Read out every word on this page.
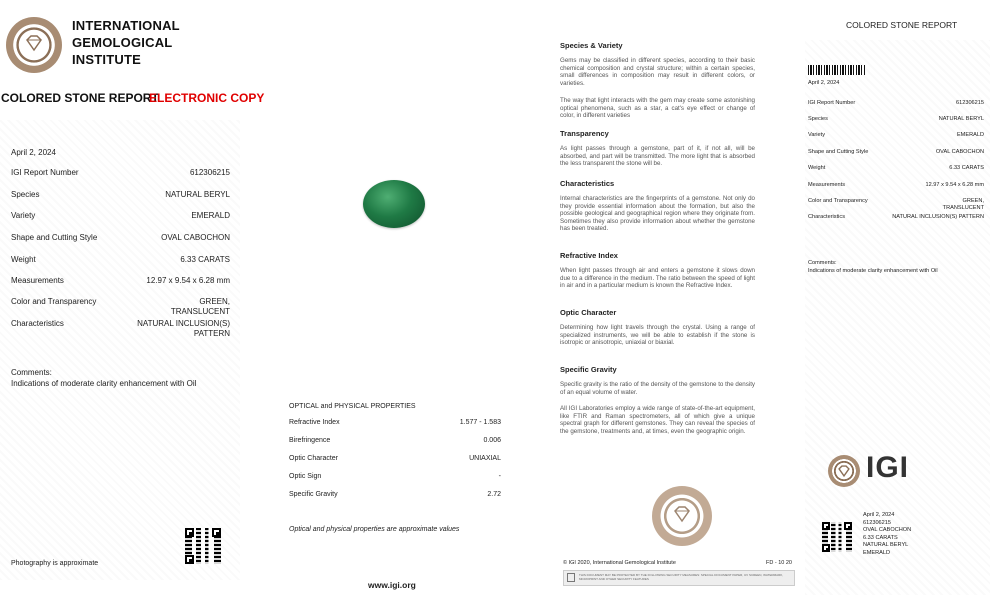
INTERNATIONAL
GEMOLOGICAL
INSTITUTE
COLORED STONE REPORT
ELECTRONIC COPY
April 2, 2024
IGI Report Number	612306215
Species	NATURAL BERYL
Variety	EMERALD
Shape and Cutting Style	OVAL CABOCHON
Weight	6.33 CARATS
Measurements	12.97 x 9.54 x 6.28 mm
Color and Transparency	GREEN,
TRANSLUCENT
Characteristics	NATURAL INCLUSION(S)
PATTERN
Comments:
Indications of moderate clarity enhancement with Oil
Photography is approximate
OPTICAL and PHYSICAL PROPERTIES
Refractive Index	1.577 - 1.583
Birefringence	0.006
Optic Character	UNIAXIAL
Optic Sign	-
Specific Gravity	2.72
Optical and physical properties are approximate values
www.igi.org
Species & Variety
Gems may be classified in different species, according to their basic chemical composition and crystal structure; within a certain species, small differences in composition may result in different colors, or varieties.
The way that light interacts with the gem may create some astonishing optical phenomena, such as a star, a cat's eye effect or change of color, in different varieties
Transparency
As light passes through a gemstone, part of it, if not all, will be absorbed, and part will be transmitted. The more light that is absorbed the less transparent the stone will be.
Characteristics
Internal characteristics are the fingerprints of a gemstone. Not only do they provide essential information about the formation, but also the possible geological and geographical region where they originate from. Sometimes they also provide information about whether the gemstone has been treated.
Refractive Index
When light passes through air and enters a gemstone it slows down due to a difference in the medium. The ratio between the speed of light in air and in a particular medium is known the Refractive Index.
Optic Character
Determining how light travels through the crystal. Using a range of specialized instruments, we will be able to establish if the stone is isotropic or anisotropic, uniaxial or biaxial.
Specific Gravity
Specific gravity is the ratio of the density of the gemstone to the density of an equal volume of water.
All IGI Laboratories employ a wide range of state-of-the-art equipment, like FTIR and Raman spectrometers, all of which give a unique spectral graph for different gemstones. They can reveal the species of the gemstone, treatments and, at times, even the geographic origin.
© IGI 2020, International Gemological Institute	FD - 10 20
THIS DOCUMENT MAY BE PROTECTED BY THE FOLLOWING SECURITY MEASURES: SPECIAL DOCUMENT PAPER, UV SCREEN, WATERMARK, MICROPRINT AND OTHER SECURITY FEATURES
COLORED STONE REPORT
April 2, 2024
IGI Report Number	612306215
Species	NATURAL BERYL
Variety	EMERALD
Shape and Cutting Style	OVAL CABOCHON
Weight	6.33 CARATS
Measurements	12.97 x 9.54 x 6.28 mm
Color and Transparency	GREEN,
TRANSLUCENT
Characteristics	NATURAL INCLUSION(S) PATTERN
Comments:
Indications of moderate clarity enhancement with Oil
IGI
April 2, 2024
612306215
OVAL CABOCHON
6.33 CARATS
NATURAL BERYL
EMERALD
